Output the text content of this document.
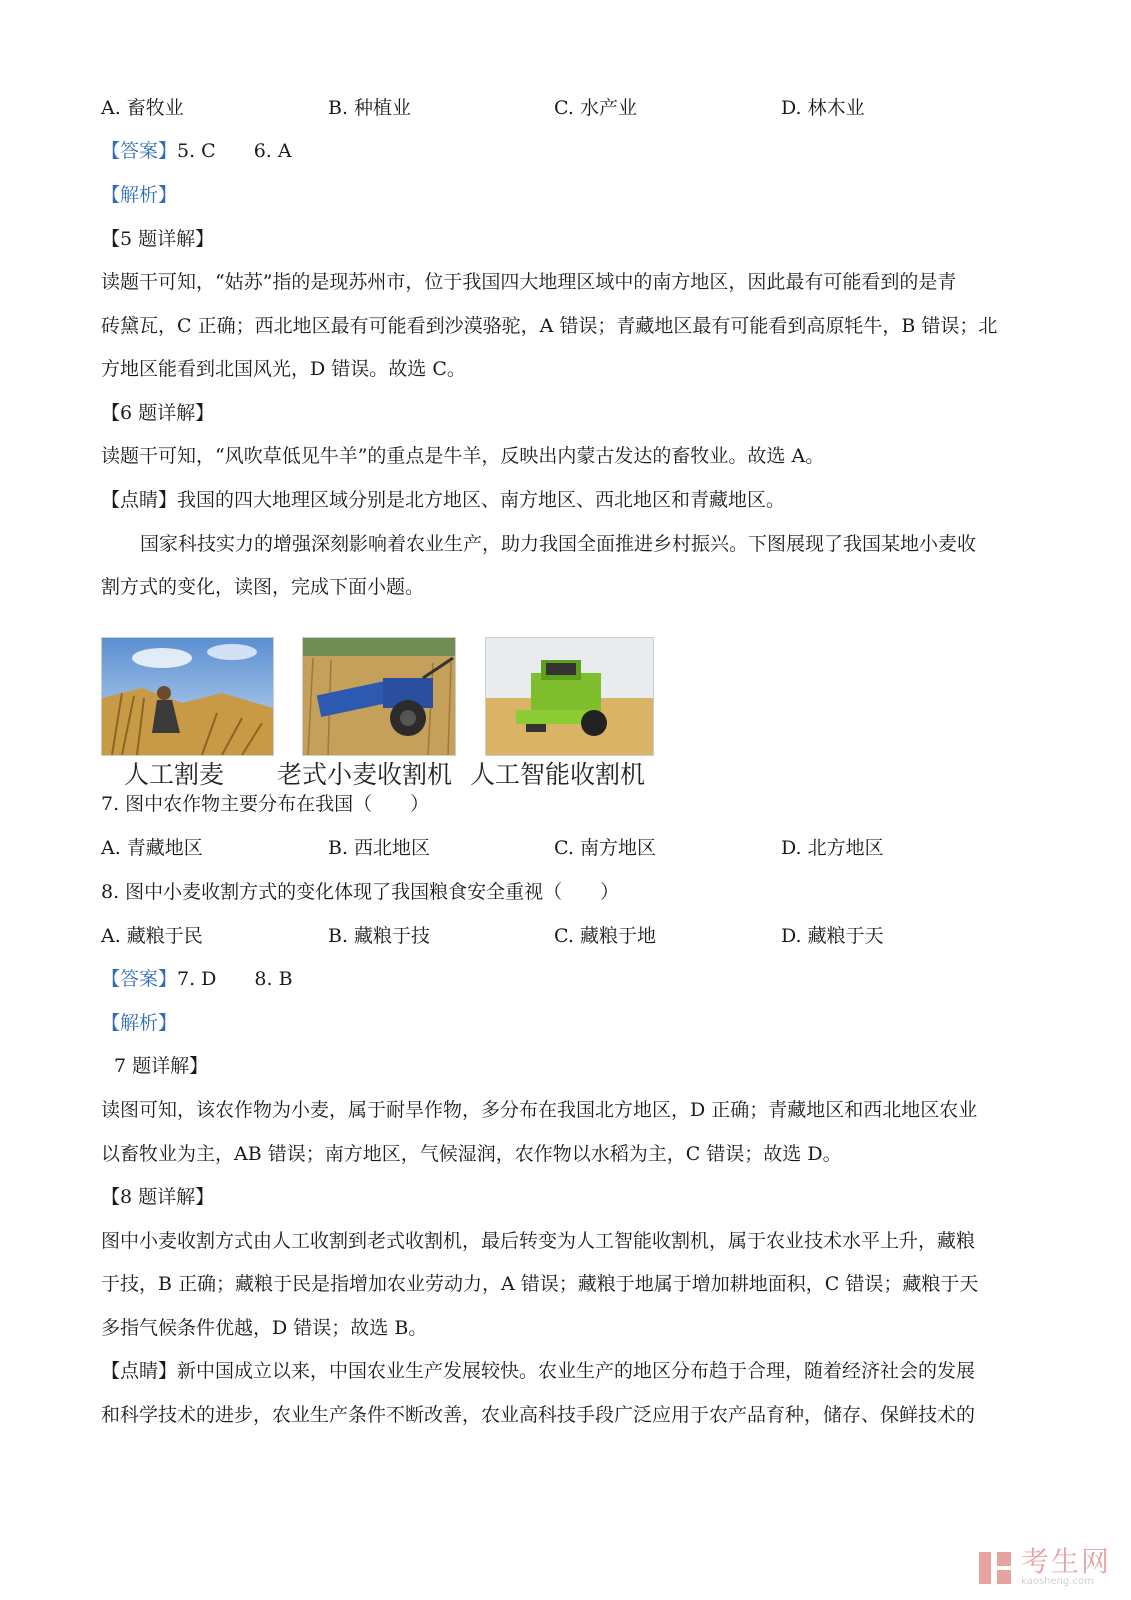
A. 畜牧业	B. 种植业	C. 水产业	D. 林木业
【答案】5. C　　6. A
【解析】
【5 题详解】
读题干可知，“姑苏”指的是现苏州市，位于我国四大地理区域中的南方地区，因此最有可能看到的是青
砖黛瓦，C 正确；西北地区最有可能看到沙漠骆驼，A 错误；青藏地区最有可能看到高原牦牛，B 错误；北
方地区能看到北国风光，D 错误。故选 C。
【6 题详解】
读题干可知，“风吹草低见牛羊”的重点是牛羊，反映出内蒙古发达的畜牧业。故选 A。
【点睛】我国的四大地理区域分别是北方地区、南方地区、西北地区和青藏地区。
国家科技实力的增强深刻影响着农业生产，助力我国全面推进乡村振兴。下图展现了我国某地小麦收
割方式的变化，读图，完成下面小题。
人工割麦 老式小麦收割机 人工智能收割机
7. 图中农作物主要分布在我国（　　）
A. 青藏地区	B. 西北地区	C. 南方地区	D. 北方地区
8. 图中小麦收割方式的变化体现了我国粮食安全重视（　　）
A. 藏粮于民	B. 藏粮于技	C. 藏粮于地	D. 藏粮于天
【答案】7. D　　8. B
【解析】
7 题详解】
读图可知，该农作物为小麦，属于耐旱作物，多分布在我国北方地区，D 正确；青藏地区和西北地区农业
以畜牧业为主，AB 错误；南方地区，气候湿润，农作物以水稻为主，C 错误；故选 D。
【8 题详解】
图中小麦收割方式由人工收割到老式收割机，最后转变为人工智能收割机，属于农业技术水平上升，藏粮
于技，B 正确；藏粮于民是指增加农业劳动力，A 错误；藏粮于地属于增加耕地面积，C 错误；藏粮于天
多指气候条件优越，D 错误；故选 B。
【点睛】新中国成立以来，中国农业生产发展较快。农业生产的地区分布趋于合理，随着经济社会的发展
和科学技术的进步，农业生产条件不断改善，农业高科技手段广泛应用于农产品育种，储存、保鲜技术的
考生网
kaosheng.com
